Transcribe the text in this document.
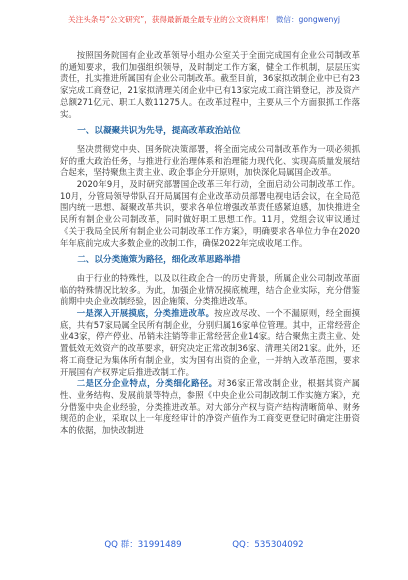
关注头条号“公文研究”，获得最新最全最专业的公文资料库！ 微信：gongwenyj

按照国务院国有企业改革领导小组办公室关于全面完成国有企业公司制改革的通知要求，我们加强组织领导，及时制定工作方案，健全工作机制，层层压实责任，扎实推进所属国有企业公司制改革。截至目前，36家拟改制企业中已有23家完成工商登记，21家拟清理关闭企业中已有13家完成工商注销登记，涉及资产总额271亿元、职工人数11275人。在改革过程中，主要从三个方面狠抓工作落实。

一、以凝聚共识为先导，提高改革政治站位

坚决贯彻党中央、国务院决策部署，将全面完成公司制改革作为一项必须抓好的重大政治任务，与推进行业治理体系和治理能力现代化、实现高质量发展结合起来，坚持聚焦主责主业、政企事企分开原则，加快深化局属国企改革。

2020年9月，及时研究部署国企改革三年行动，全面启动公司制改革工作。10月，分管局领导带队召开局属国有企业改革动员部署电视电话会议，在全局范围内统一思想、凝聚改革共识，要求各单位增强改革责任感紧迫感，加快推进全民所有制企业公司制改革，同时做好职工思想工作。11月，党组会议审议通过《关于我局全民所有制企业公司制改革工作方案》，明确要求各单位力争在2020年年底前完成大多数企业的改制工作，确保2022年完成收尾工作。

二、以分类施策为路径，细化改革思路举措

由于行业的特殊性，以及以往政企合一的历史背景，所属企业公司制改革面临的特殊情况比较多。为此，加强企业情况摸底梳理，结合企业实际，充分借鉴前期中央企业改制经验，因企施策、分类推进改革。

一是深入开展摸底，分类推进改革。按应改尽改、一个不漏原则，经全面摸底，共有57家局属全民所有制企业，分别归属16家单位管理。其中，正常经营企业43家，停产停业、吊销未注销等非正常经营企业14家。结合聚焦主责主业、处置低效无效资产的改革要求，研究决定正常改制36家、清理关闭21家。此外，还将工商登记为集体所有制企业，实为国有出资的企业，一并纳入改革范围，要求开展国有产权界定后推进改制工作。

二是区分企业特点，分类细化路径。对36家正常改制企业，根据其资产属性、业务结构、发展前景等特点，参照《中央企业公司制改制工作实施方案》，充分借鉴中央企业经验，分类推进改革。对大部分产权与资产结构清晰简单、财务规范的企业，采取以上一年度经审计的净资产值作为工商变更登记时确定注册资本的依据，加快改制进

QQ 群：31991489	QQ：535304092
